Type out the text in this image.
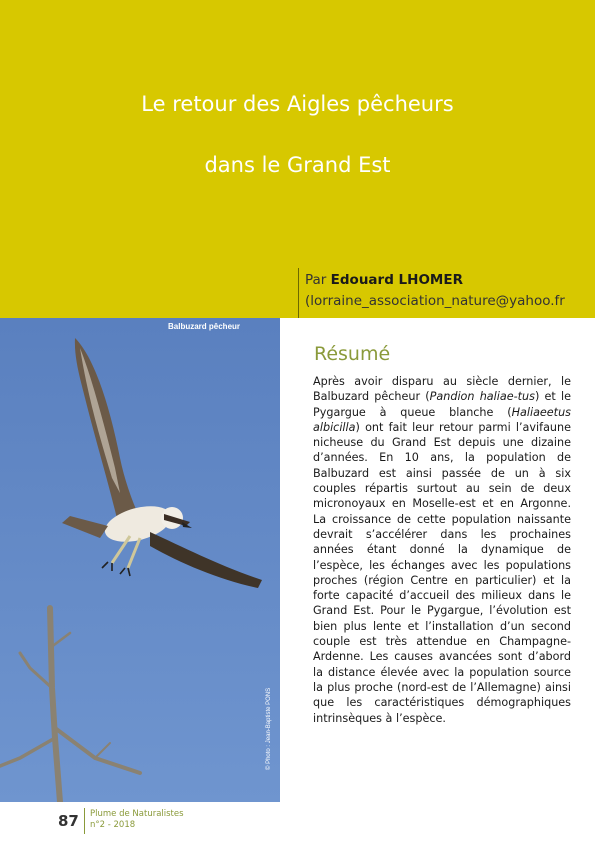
Le retour des Aigles pêcheurs
dans le Grand Est
Par Edouard LHOMER
(lorraine_association_nature@yahoo.fr
Balbuzard pêcheur
© Photo : Jean-Baptiste PONS
Résumé

Après avoir disparu au siècle dernier, le Balbuzard pêcheur (Pandion haliae-tus) et le Pygargue à queue blanche (Haliaeetus albicilla) ont fait leur retour parmi l’avifaune nicheuse du Grand Est depuis une dizaine d’années. En 10 ans, la population de Balbuzard est ainsi passée de un à six couples répartis surtout au sein de deux micronoyaux en Moselle-est et en Argonne. La croissance de cette population naissante devrait s’accélérer dans les prochaines années étant donné la dynamique de l’espèce, les échanges avec les populations proches (région Centre en particulier) et la forte capacité d’accueil des milieux dans le Grand Est. Pour le Pygargue, l’évolution est bien plus lente et l’installation d’un second couple est très attendue en Champagne-Ardenne. Les causes avancées sont d’abord la distance élevée avec la population source la plus proche (nord-est de l’Allemagne) ainsi que les caractéristiques démographiques intrinsèques à l’espèce.

87 Plume de Naturalistes
n°2 - 2018
